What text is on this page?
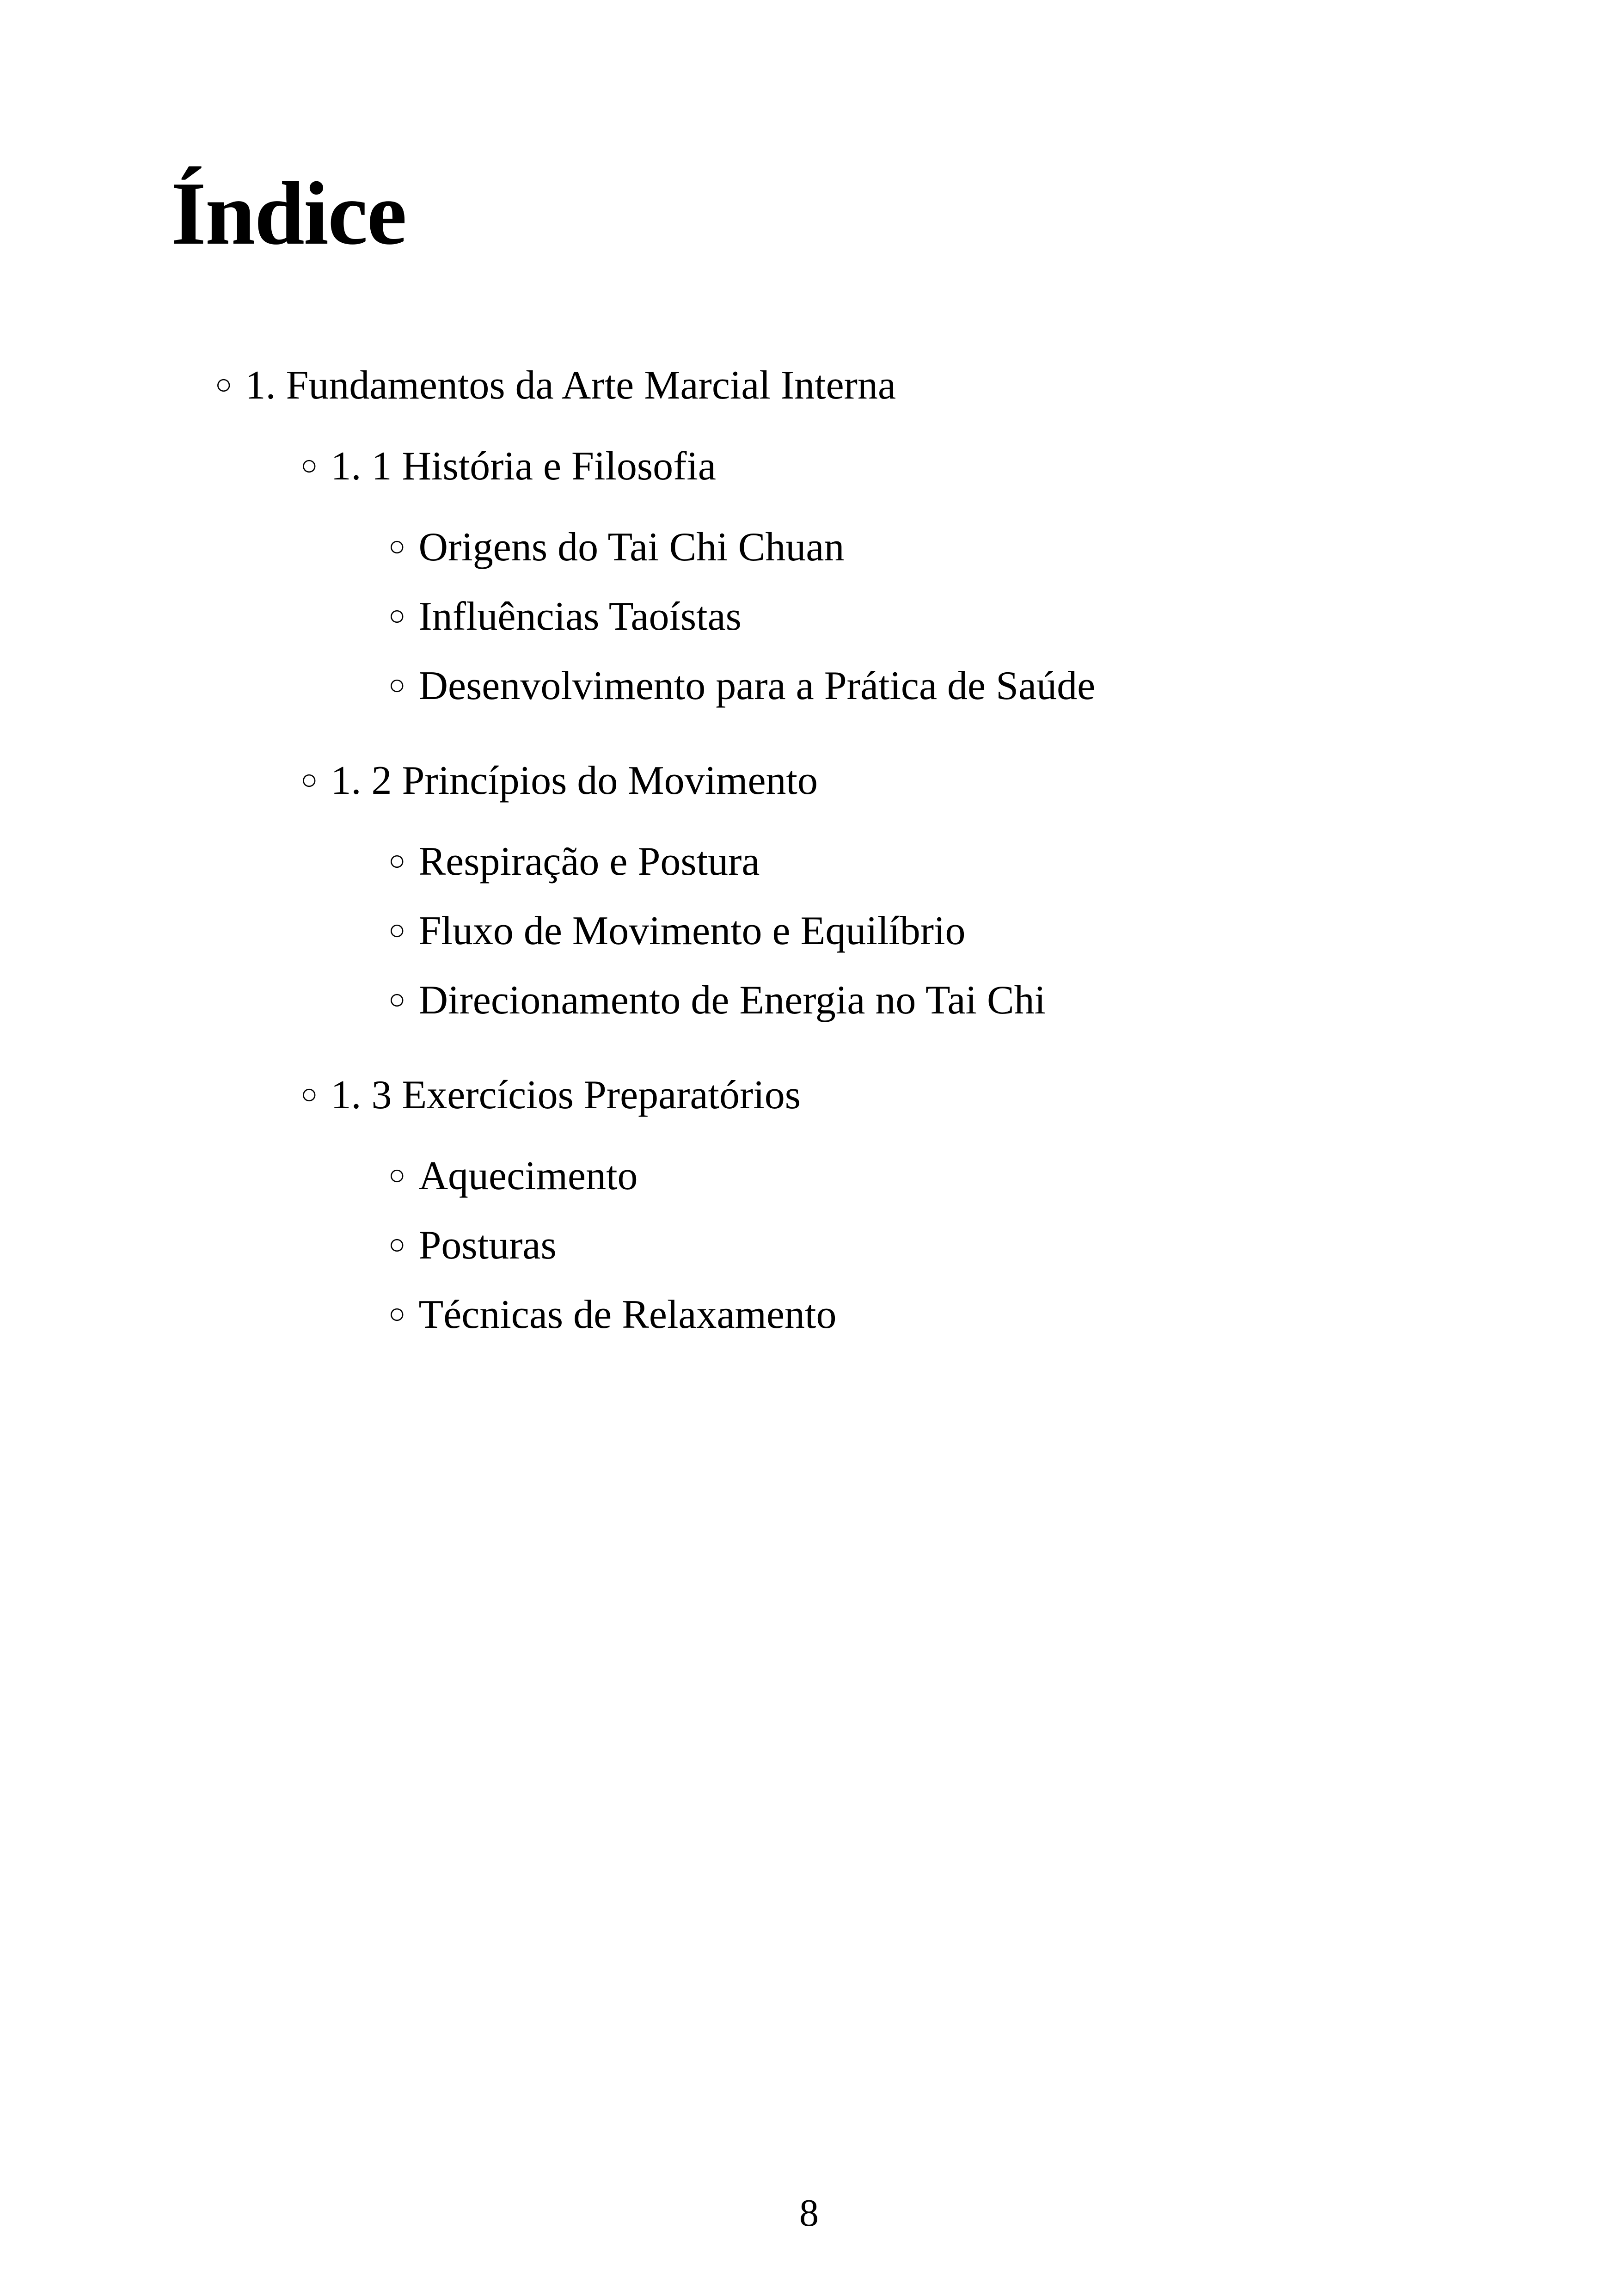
Índice
○ 1. Fundamentos da Arte Marcial Interna
○ 1. 1 História e Filosofia
○ Origens do Tai Chi Chuan
○ Influências Taoístas
○ Desenvolvimento para a Prática de Saúde
○ 1. 2 Princípios do Movimento
○ Respiração e Postura
○ Fluxo de Movimento e Equilíbrio
○ Direcionamento de Energia no Tai Chi
○ 1. 3 Exercícios Preparatórios
○ Aquecimento
○ Posturas
○ Técnicas de Relaxamento
8
